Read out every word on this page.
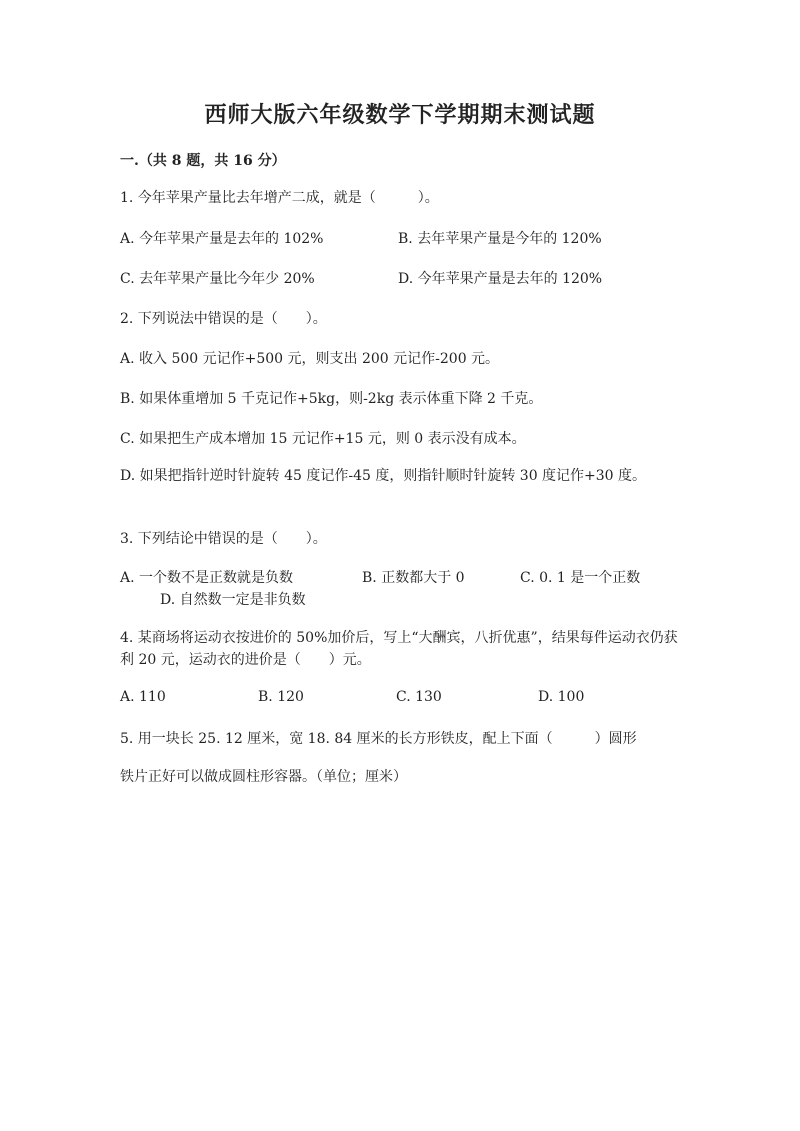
西师大版六年级数学下学期期末测试题
一.（共 8 题，共 16 分）
1. 今年苹果产量比去年增产二成，就是（　　　）。
A. 今年苹果产量是去年的 102%	B. 去年苹果产量是今年的 120%
C. 去年苹果产量比今年少 20%	D. 今年苹果产量是去年的 120%
2. 下列说法中错误的是（　　）。
A. 收入 500 元记作+500 元，则支出 200 元记作-200 元。
B. 如果体重增加 5 千克记作+5kg，则-2kg 表示体重下降 2 千克。
C. 如果把生产成本增加 15 元记作+15 元，则 0 表示没有成本。
D. 如果把指针逆时针旋转 45 度记作-45 度，则指针顺时针旋转 30 度记作+30 度。
3. 下列结论中错误的是（　　）。
A. 一个数不是正数就是负数	B. 正数都大于 0	C. 0. 1 是一个正数
D. 自然数一定是非负数
4. 某商场将运动衣按进价的 50%加价后，写上“大酬宾，八折优惠”，结果每件运动衣仍获利 20 元，运动衣的进价是（　　）元。
A. 110	B. 120	C. 130	D. 100
5. 用一块长 25. 12 厘米，宽 18. 84 厘米的长方形铁皮，配上下面（　　　）圆形
铁片正好可以做成圆柱形容器。（单位；厘米）
